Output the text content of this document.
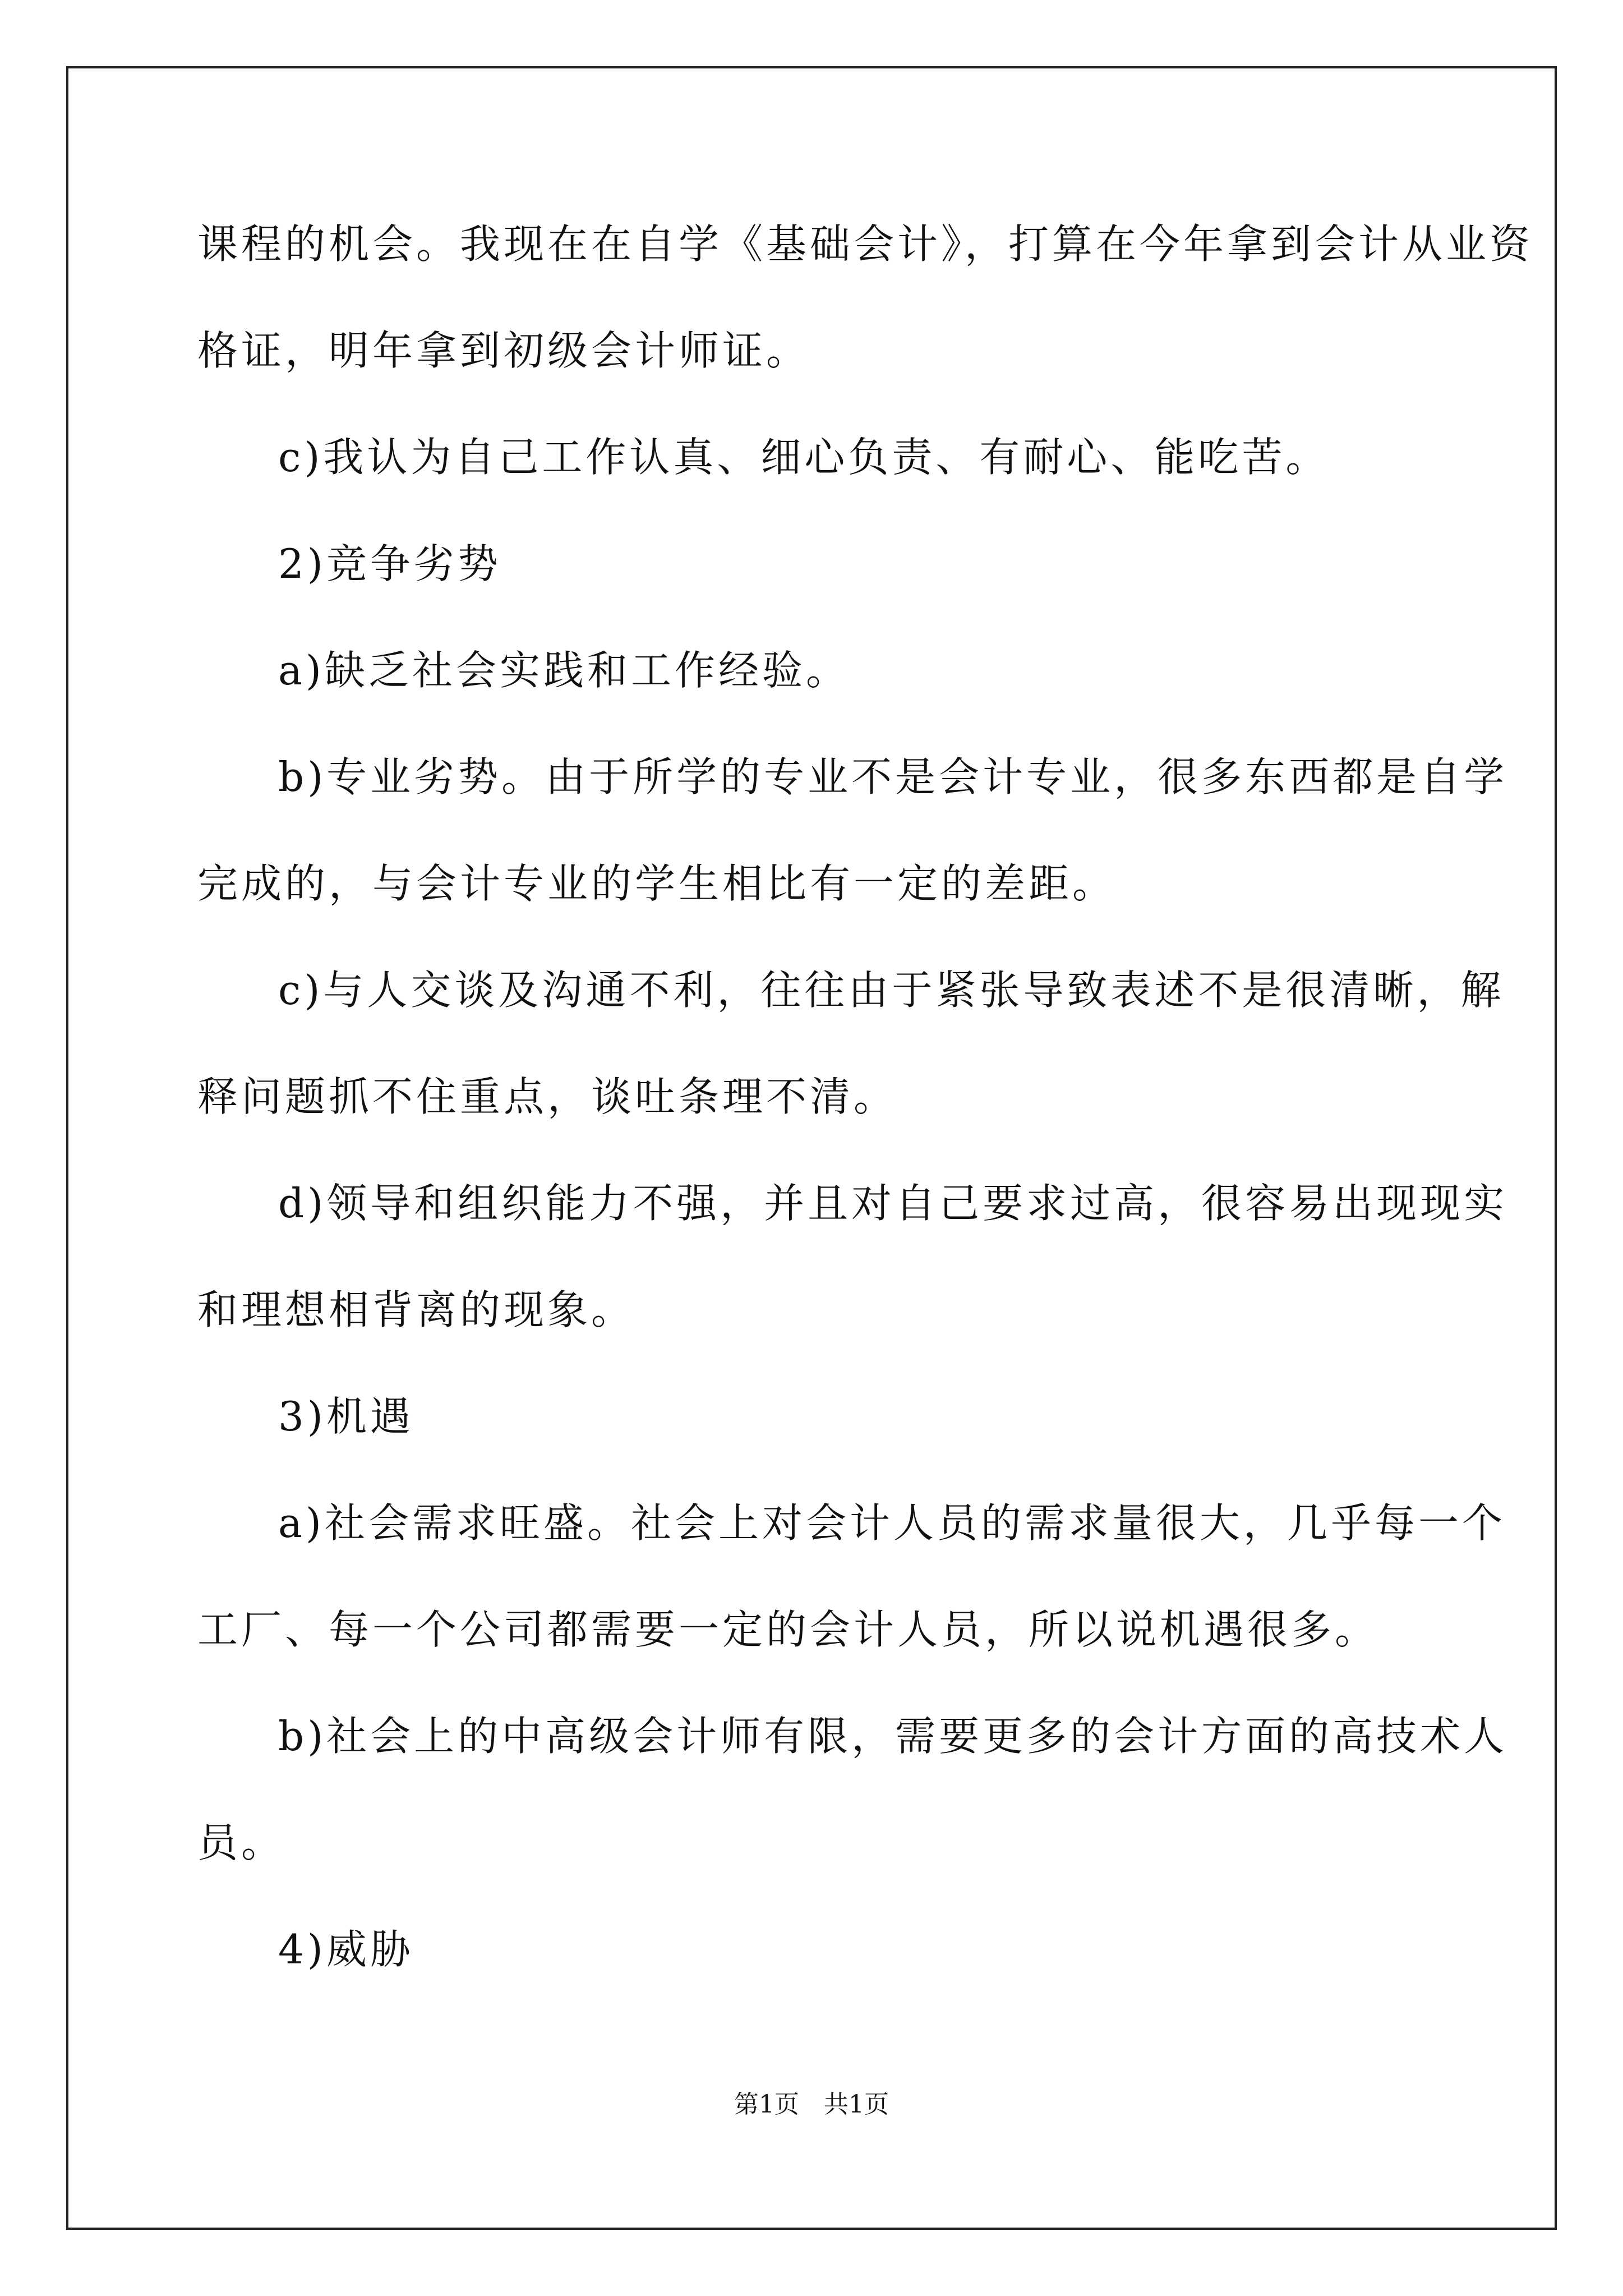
课程的机会。我现在在自学《基础会计》，打算在今年拿到会计从业资
格证，明年拿到初级会计师证。
c)我认为自己工作认真、细心负责、有耐心、能吃苦。
2)竞争劣势
a)缺乏社会实践和工作经验。
b)专业劣势。由于所学的专业不是会计专业，很多东西都是自学
完成的，与会计专业的学生相比有一定的差距。
c)与人交谈及沟通不利，往往由于紧张导致表述不是很清晰，解
释问题抓不住重点，谈吐条理不清。
d)领导和组织能力不强，并且对自己要求过高，很容易出现现实
和理想相背离的现象。
3)机遇
a)社会需求旺盛。社会上对会计人员的需求量很大，几乎每一个
工厂、每一个公司都需要一定的会计人员，所以说机遇很多。
b)社会上的中高级会计师有限，需要更多的会计方面的高技术人
员。
4)威胁
第1页　共1页
